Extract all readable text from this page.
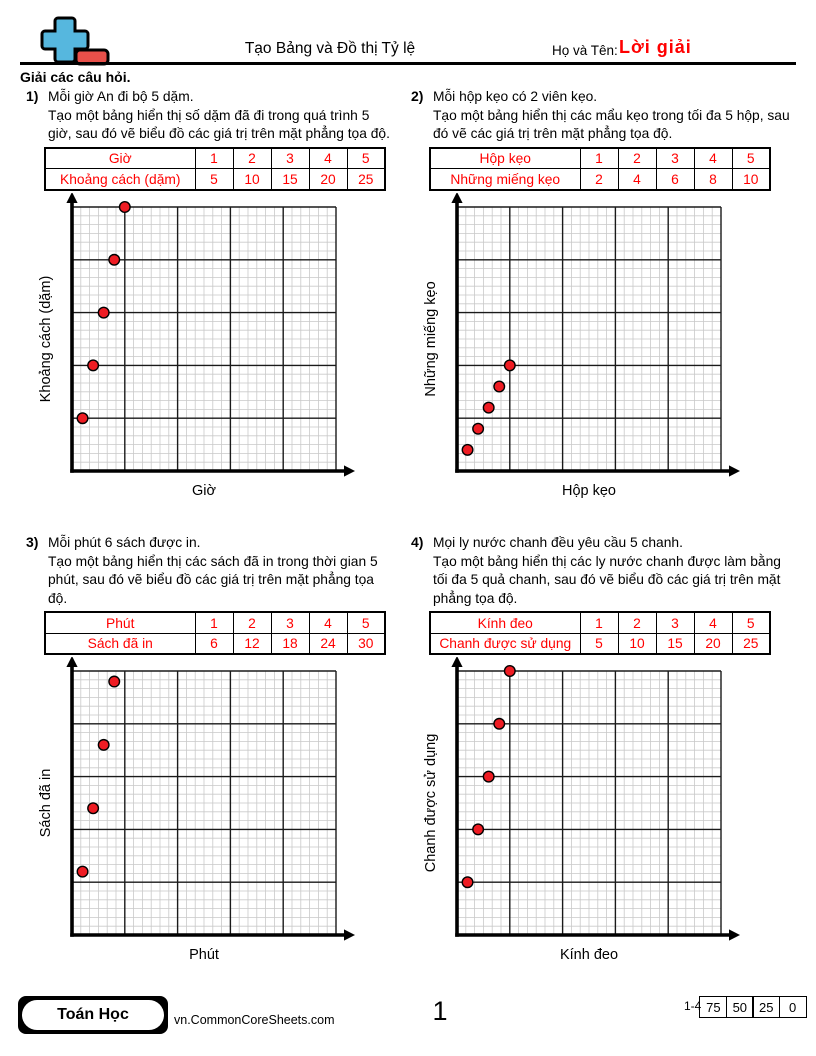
Tạo Bảng và Đồ thị Tỷ lệ	Họ và Tên: Lời giải
Giải các câu hỏi.
1) Mỗi giờ An đi bộ 5 dặm.
Tạo một bảng hiển thị số dặm đã đi trong quá trình 5 giờ, sau đó vẽ biểu đồ các giá trị trên mặt phẳng tọa độ.
Giờ	1	2	3	4	5
Khoảng cách (dặm)	5	10	15	20	25
Giờ
Khoảng cách (dặm)
2) Mỗi hộp kẹo có 2 viên kẹo.
Tạo một bảng hiển thị các mẩu kẹo trong tối đa 5 hộp, sau đó vẽ các giá trị trên mặt phẳng tọa độ.
Hộp kẹo	1	2	3	4	5
Những miếng kẹo	2	4	6	8	10
Hộp kẹo
Những miếng kẹo
3) Mỗi phút 6 sách được in.
Tạo một bảng hiển thị các sách đã in trong thời gian 5 phút, sau đó vẽ biểu đồ các giá trị trên mặt phẳng tọa độ.
Phút	1	2	3	4	5
Sách đã in	6	12	18	24	30
Phút
Sách đã in
4) Mọi ly nước chanh đều yêu cầu 5 chanh.
Tạo một bảng hiển thị các ly nước chanh được làm bằng tối đa 5 quả chanh, sau đó vẽ biểu đồ các giá trị trên mặt phẳng tọa độ.
Kính đeo	1	2	3	4	5
Chanh được sử dụng	5	10	15	20	25
Kính đeo
Chanh được sử dụng
Toán Học	vn.CommonCoreSheets.com	1	1-4 75 50 25	0
